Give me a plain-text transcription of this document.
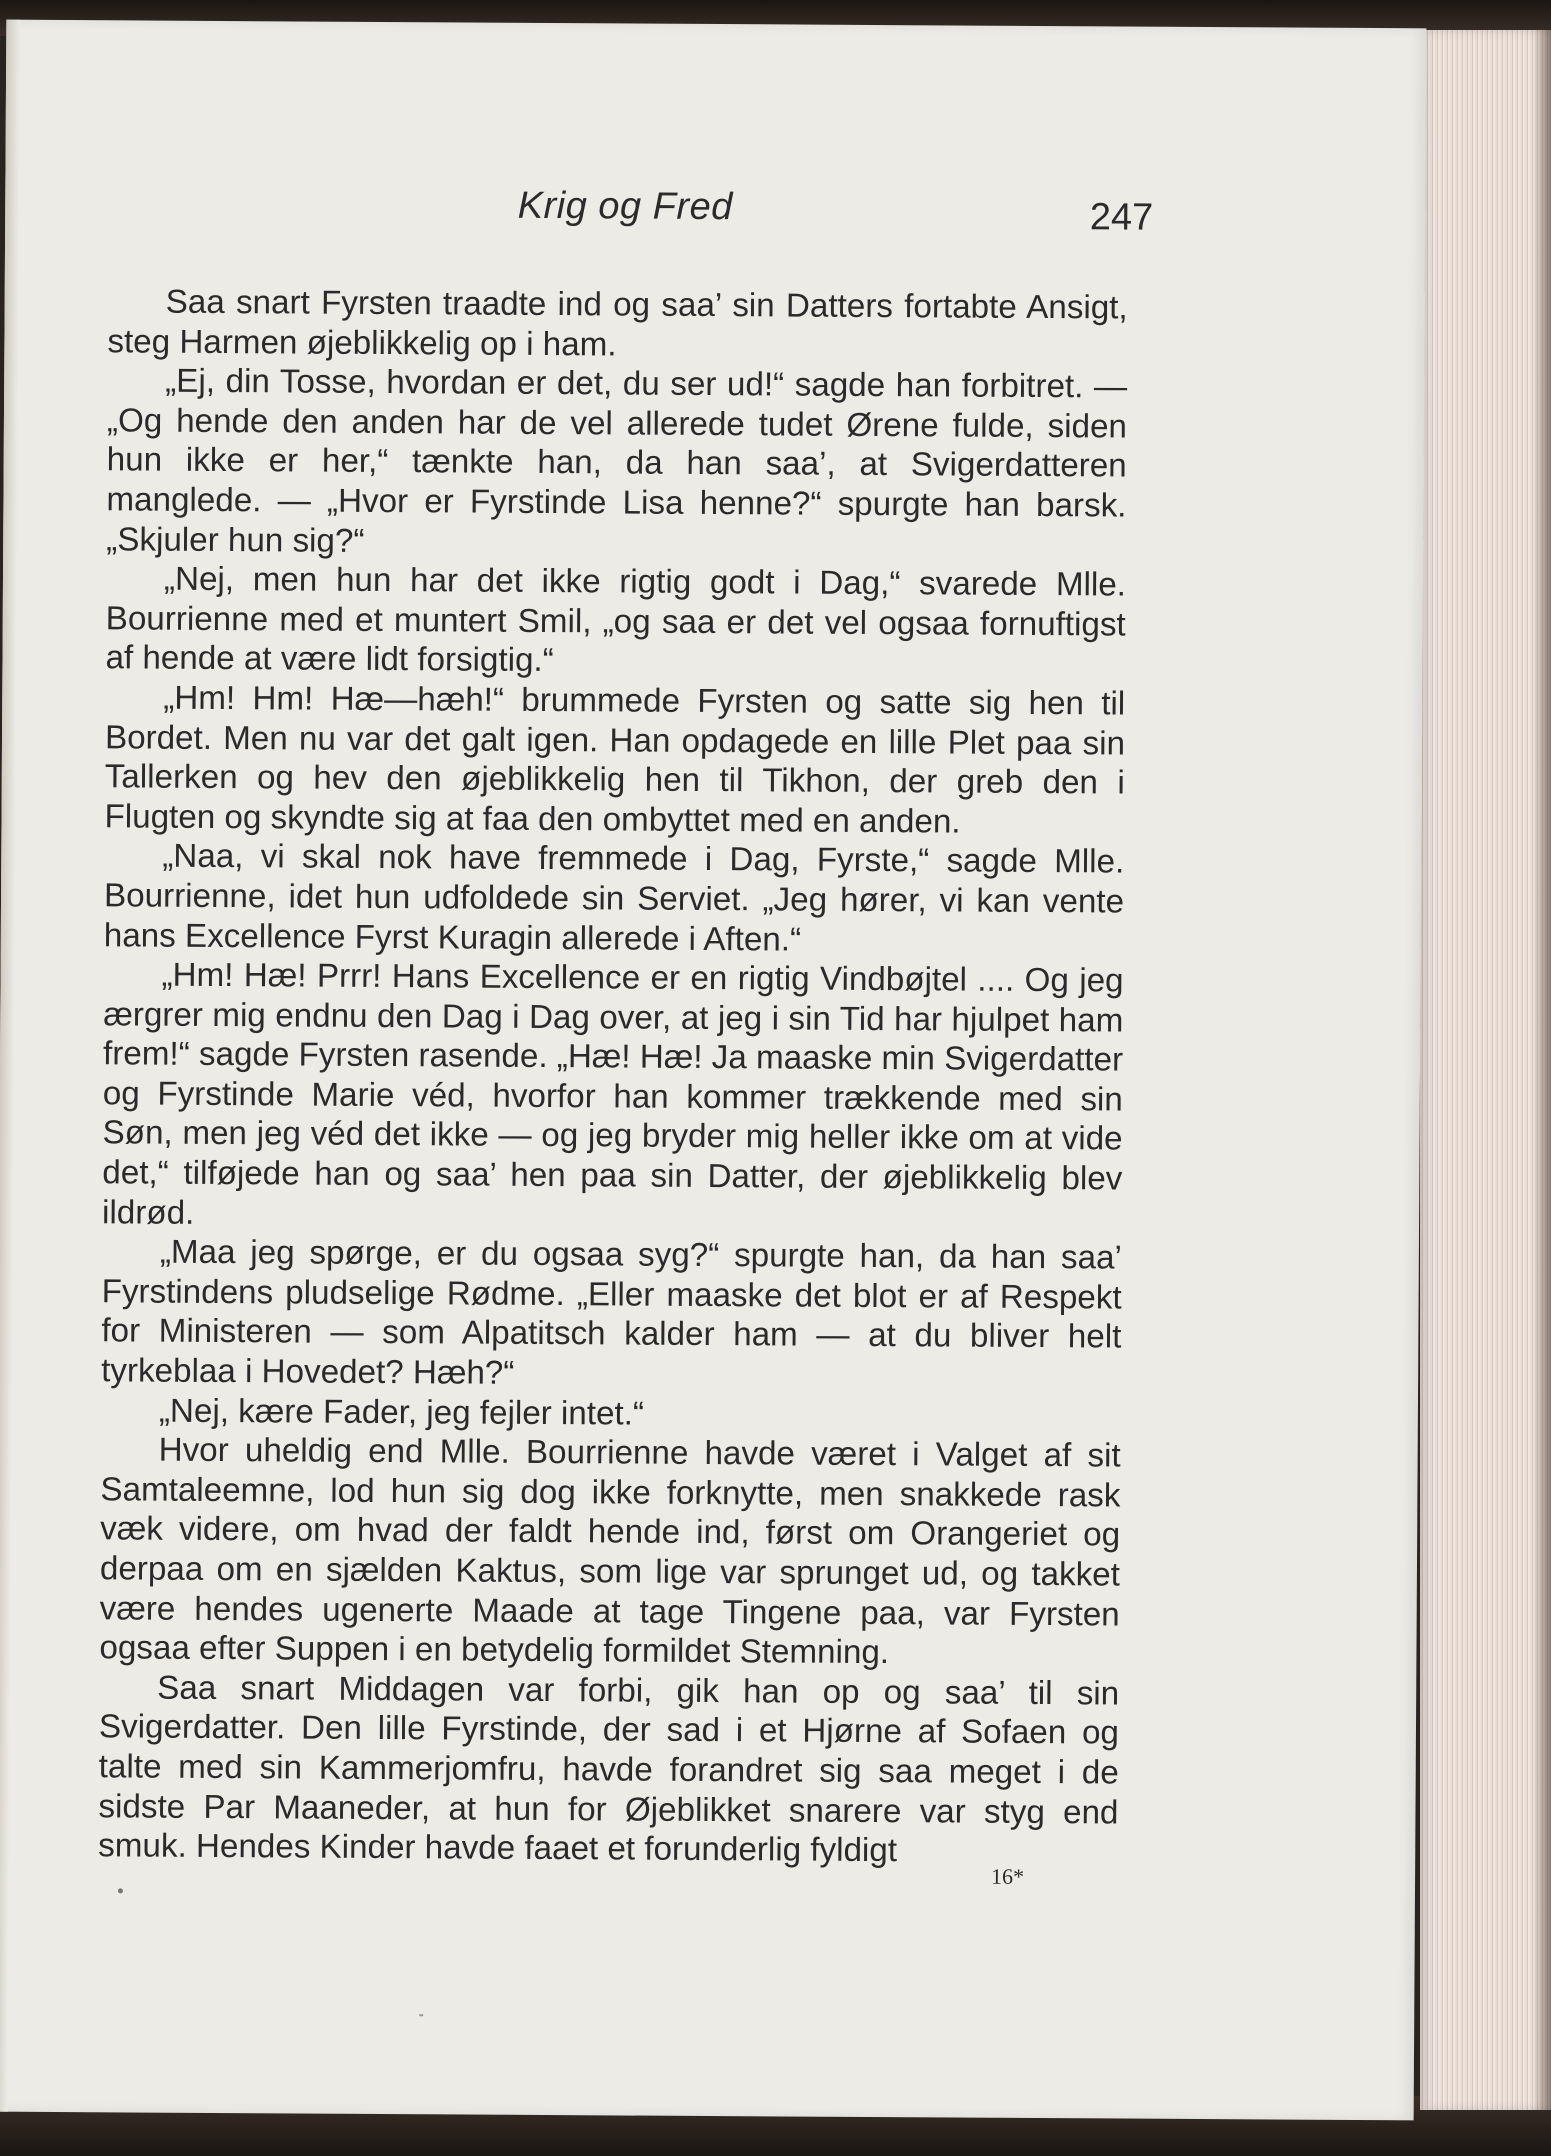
Krig og Fred	247

Saa snart Fyrsten traadte ind og saa’ sin Datters fortabte Ansigt, steg Harmen øjeblikkelig op i ham.

„Ej, din Tosse, hvordan er det, du ser ud!“ sagde han forbitret. — „Og hende den anden har de vel allerede tudet Ørene fulde, siden hun ikke er her,“ tænkte han, da han saa’, at Svigerdatteren manglede. — „Hvor er Fyrstinde Lisa henne?“ spurgte han barsk. „Skjuler hun sig?“

„Nej, men hun har det ikke rigtig godt i Dag,“ svarede Mlle. Bourrienne med et muntert Smil, „og saa er det vel ogsaa fornuftigst af hende at være lidt forsigtig.“

„Hm! Hm! Hæ—hæh!“ brummede Fyrsten og satte sig hen til Bordet. Men nu var det galt igen. Han opdagede en lille Plet paa sin Tallerken og hev den øjeblikkelig hen til Tikhon, der greb den i Flugten og skyndte sig at faa den ombyttet med en anden.

„Naa, vi skal nok have fremmede i Dag, Fyrste,“ sagde Mlle. Bourrienne, idet hun udfoldede sin Serviet. „Jeg hører, vi kan vente hans Excellence Fyrst Kuragin allerede i Aften.“

„Hm! Hæ! Prrr! Hans Excellence er en rigtig Vindbøjtel .... Og jeg ærgrer mig endnu den Dag i Dag over, at jeg i sin Tid har hjulpet ham frem!“ sagde Fyrsten rasende. „Hæ! Hæ! Ja maaske min Svigerdatter og Fyrstinde Marie véd, hvorfor han kommer trækkende med sin Søn, men jeg véd det ikke — og jeg bryder mig heller ikke om at vide det,“ tilføjede han og saa’ hen paa sin Datter, der øjeblikkelig blev ildrød.

„Maa jeg spørge, er du ogsaa syg?“ spurgte han, da han saa’ Fyrstindens pludselige Rødme. „Eller maaske det blot er af Respekt for Ministeren — som Alpatitsch kalder ham — at du bliver helt tyrkeblaa i Hovedet? Hæh?“

„Nej, kære Fader, jeg fejler intet.“

Hvor uheldig end Mlle. Bourrienne havde været i Valget af sit Samtaleemne, lod hun sig dog ikke forknytte, men snakkede rask væk videre, om hvad der faldt hende ind, først om Orangeriet og derpaa om en sjælden Kaktus, som lige var sprunget ud, og takket være hendes ugenerte Maade at tage Tingene paa, var Fyrsten ogsaa efter Suppen i en betydelig formildet Stemning.

Saa snart Middagen var forbi, gik han op og saa’ til sin Svigerdatter. Den lille Fyrstinde, der sad i et Hjørne af Sofaen og talte med sin Kammerjomfru, havde forandret sig saa meget i de sidste Par Maaneder, at hun for Øjeblikket snarere var styg end smuk. Hendes Kinder havde faaet et forunderlig fyldigt

16*
